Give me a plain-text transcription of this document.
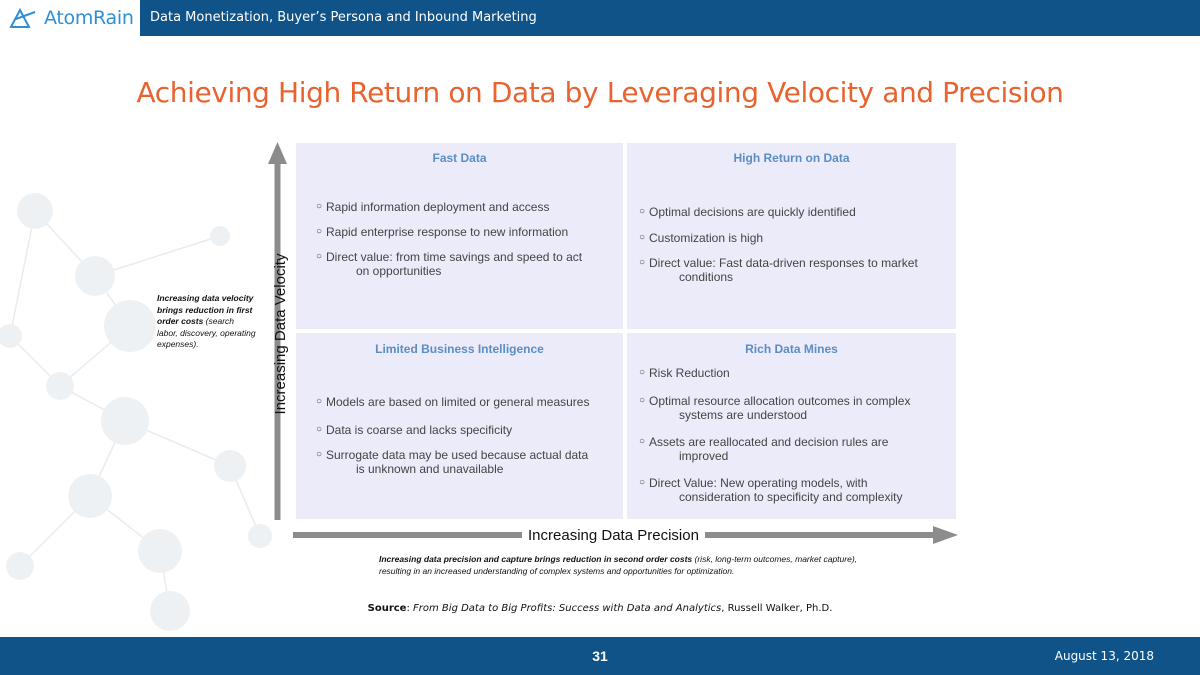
AtomRain Data Monetization, Buyer’s Persona and Inbound Marketing
Achieving High Return on Data by Leveraging Velocity and Precision
Fast Data
○ Rapid information deployment and access
○ Rapid enterprise response to new information
○ Direct value: from time savings and speed to act
on opportunities
High Return on Data
○ Optimal decisions are quickly identified
○ Customization is high
○ Direct value: Fast data-driven responses to market
conditions
Limited Business Intelligence
○ Models are based on limited or general measures
○ Data is coarse and lacks specificity
○ Surrogate data may be used because actual data
is unknown and unavailable
Rich Data Mines
○ Risk Reduction
○ Optimal resource allocation outcomes in complex
systems are understood
○ Assets are reallocated and decision rules are
improved
○ Direct Value: New operating models, with
consideration to specificity and complexity
Increasing Data Velocity
Increasing Data Precision
Increasing data velocity brings reduction in first order costs (search labor, discovery, operating expenses).
Increasing data precision and capture brings reduction in second order costs (risk, long-term outcomes, market capture), resulting in an increased understanding of complex systems and opportunities for optimization.
Source: From Big Data to Big Profits: Success with Data and Analytics, Russell Walker, Ph.D.
31	August 13, 2018
